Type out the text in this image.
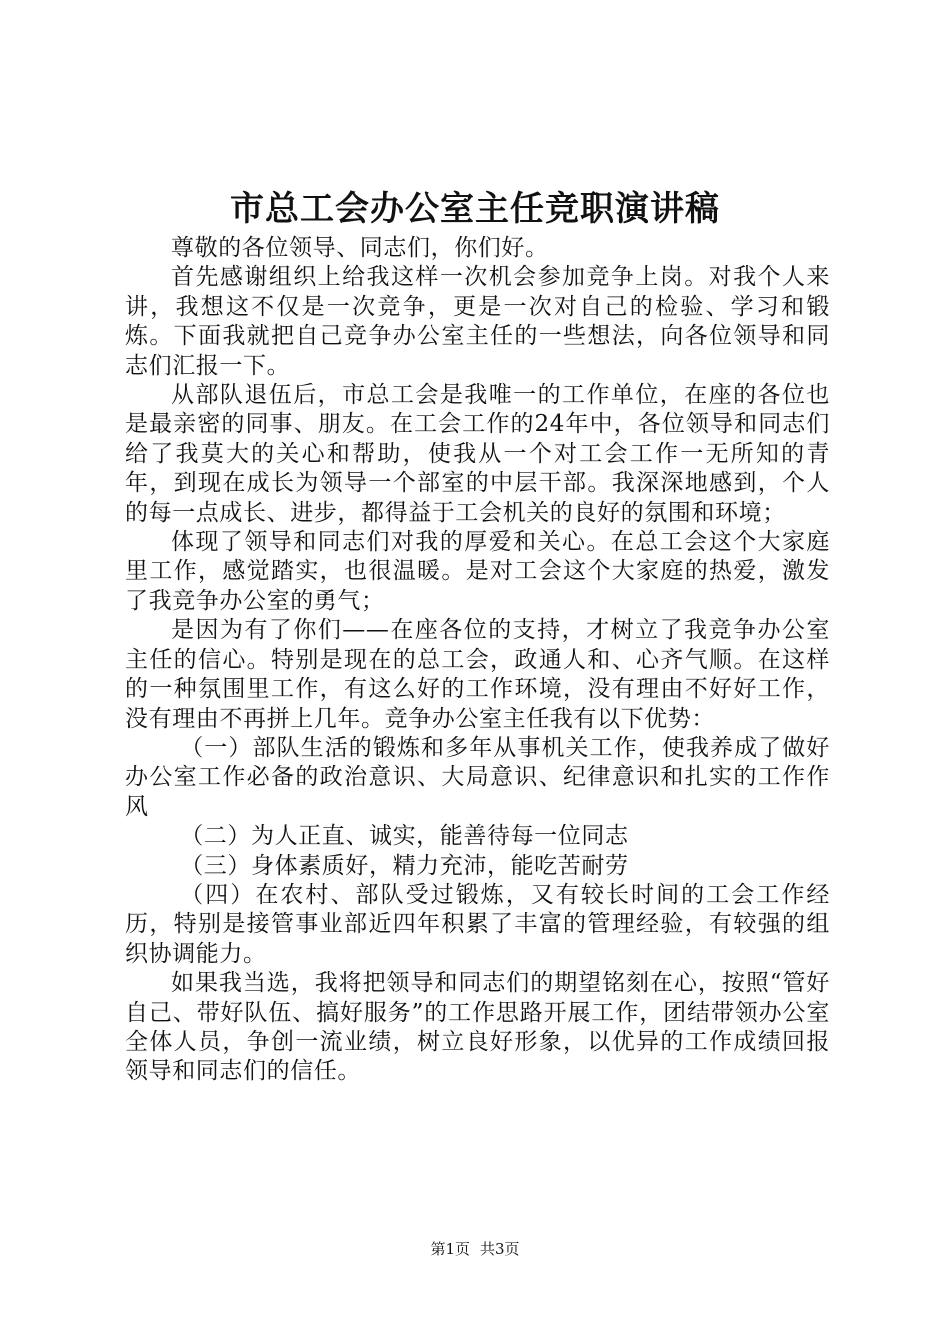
市总工会办公室主任竞职演讲稿

尊敬的各位领导、同志们，你们好。

首先感谢组织上给我这样一次机会参加竞争上岗。对我个人来讲，我想这不仅是一次竞争，更是一次对自己的检验、学习和锻炼。下面我就把自己竞争办公室主任的一些想法，向各位领导和同志们汇报一下。

从部队退伍后，市总工会是我唯一的工作单位，在座的各位也是最亲密的同事、朋友。在工会工作的24年中，各位领导和同志们给了我莫大的关心和帮助，使我从一个对工会工作一无所知的青年，到现在成长为领导一个部室的中层干部。我深深地感到，个人的每一点成长、进步，都得益于工会机关的良好的氛围和环境；

体现了领导和同志们对我的厚爱和关心。在总工会这个大家庭里工作，感觉踏实，也很温暖。是对工会这个大家庭的热爱，激发了我竞争办公室的勇气；

是因为有了你们——在座各位的支持，才树立了我竞争办公室主任的信心。特别是现在的总工会，政通人和、心齐气顺。在这样的一种氛围里工作，有这么好的工作环境，没有理由不好好工作，没有理由不再拼上几年。竞争办公室主任我有以下优势：

（一）部队生活的锻炼和多年从事机关工作，使我养成了做好办公室工作必备的政治意识、大局意识、纪律意识和扎实的工作作风

（二）为人正直、诚实，能善待每一位同志

（三）身体素质好，精力充沛，能吃苦耐劳

（四）在农村、部队受过锻炼，又有较长时间的工会工作经历，特别是接管事业部近四年积累了丰富的管理经验，有较强的组织协调能力。

如果我当选，我将把领导和同志们的期望铭刻在心，按照“管好自己、带好队伍、搞好服务”的工作思路开展工作，团结带领办公室全体人员，争创一流业绩，树立良好形象，以优异的工作成绩回报领导和同志们的信任。

第1页 共3页
